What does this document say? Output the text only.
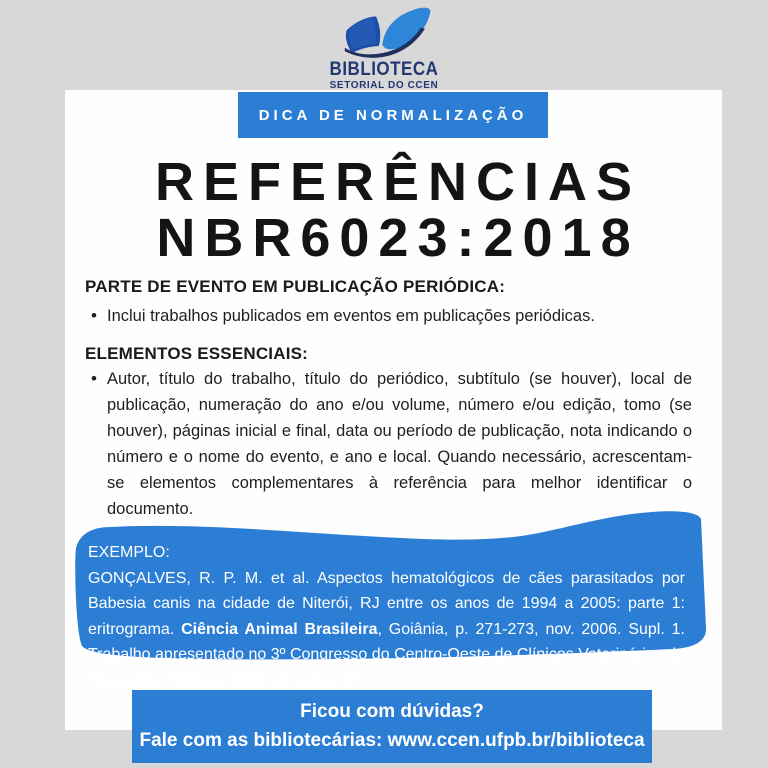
BIBLIOTECA
SETORIAL DO CCEN
DICA DE NORMALIZAÇÃO
REFERÊNCIAS
NBR6023:2018
PARTE DE EVENTO EM PUBLICAÇÃO PERIÓDICA:
• Inclui trabalhos publicados em eventos em publicações periódicas.
ELEMENTOS ESSENCIAIS:
• Autor, título do trabalho, título do periódico, subtítulo (se houver), local de publicação, numeração do ano e/ou volume, número e/ou edição, tomo (se houver), páginas inicial e final, data ou período de publicação, nota indicando o número e o nome do evento, e ano e local. Quando necessário, acrescentam-se elementos complementares à referência para melhor identificar o documento.
EXEMPLO:
GONÇALVES, R. P. M. et al. Aspectos hematológicos de cães parasitados por Babesia canis na cidade de Niterói, RJ entre os anos de 1994 a 2005: parte 1: eritrograma. Ciência Animal Brasileira, Goiânia, p. 271-273, nov. 2006. Supl. 1. Trabalho apresentado no 3º Congresso do Centro-Oeste de Clínicos Veterinários de Pequenos Animais, 2006, [Brasília, DF].
Ficou com dúvidas?
Fale com as bibliotecárias: www.ccen.ufpb.br/biblioteca
